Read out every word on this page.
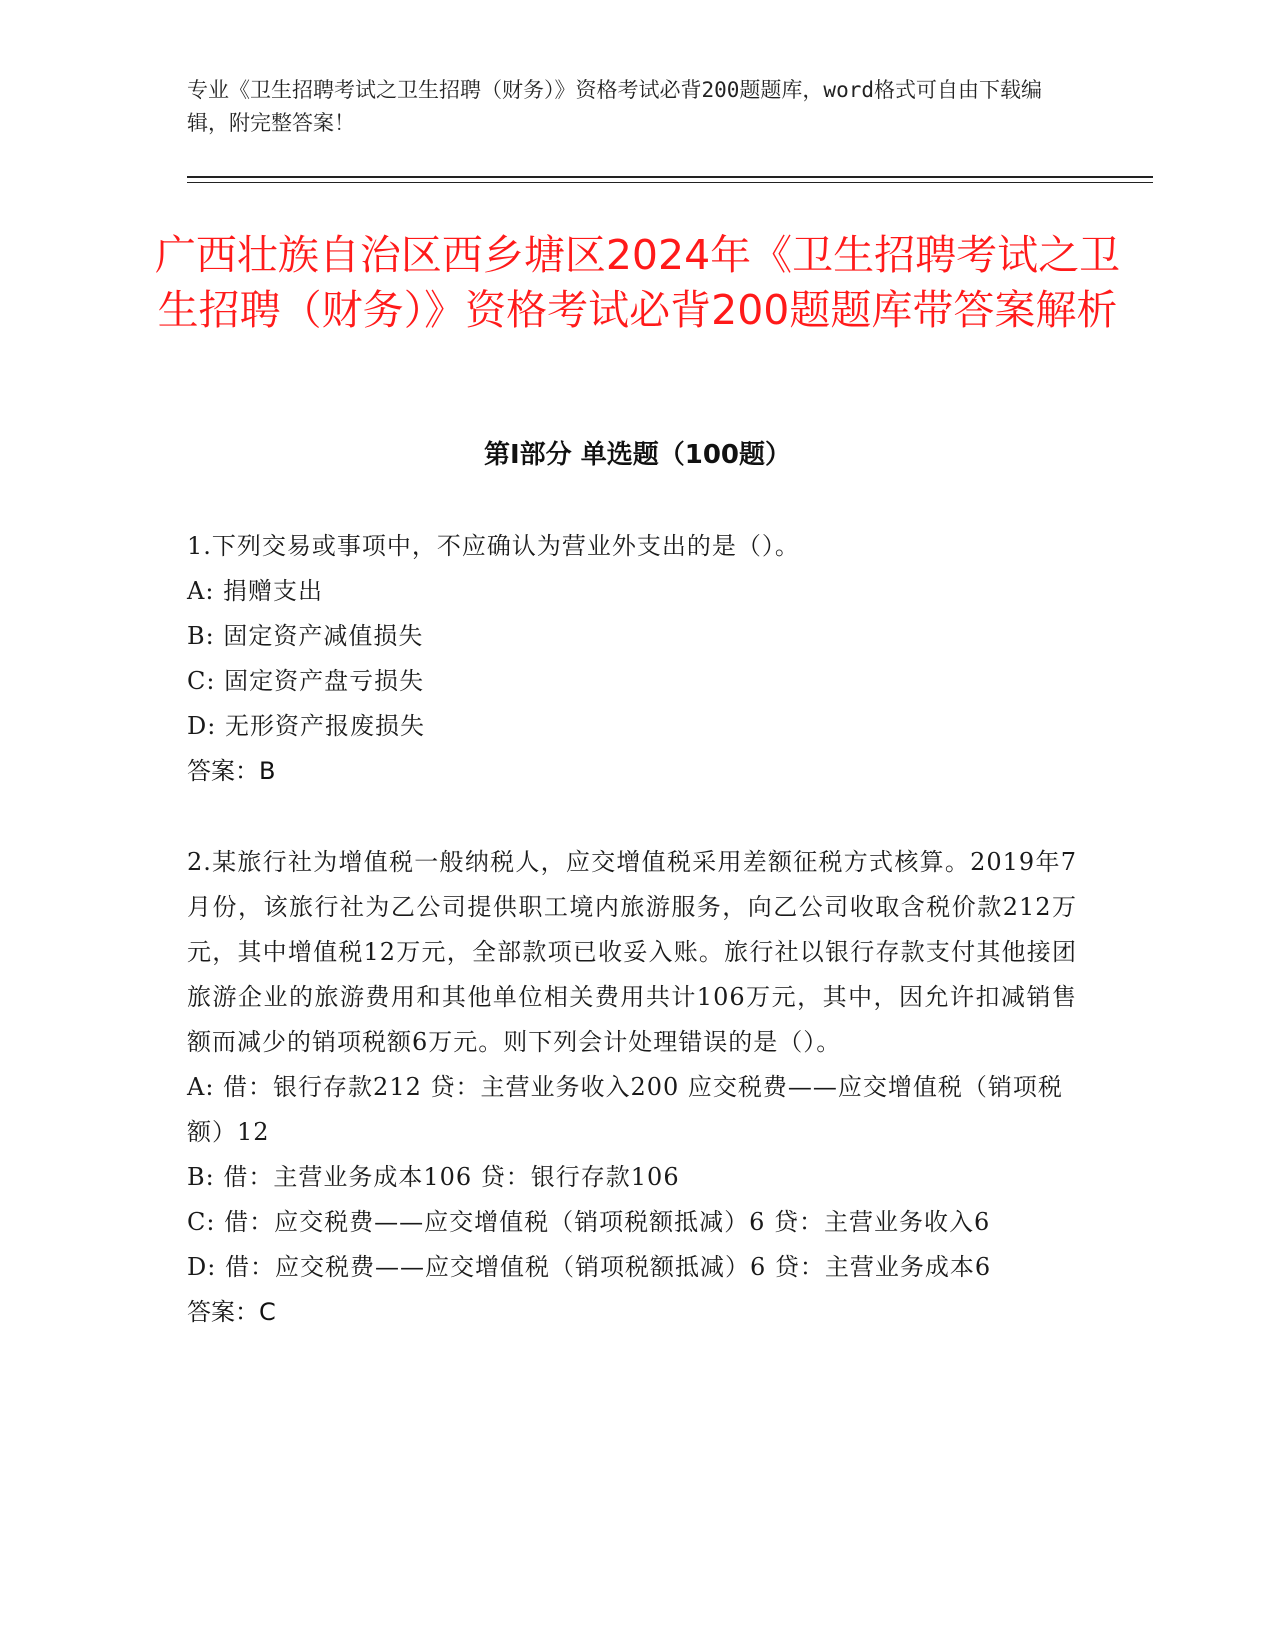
专业《卫生招聘考试之卫生招聘（财务）》资格考试必背200题题库，word格式可自由下载编辑，附完整答案！
广西壮族自治区西乡塘区2024年《卫生招聘考试之卫生招聘（财务）》资格考试必背200题题库带答案解析
第I部分 单选题（100题）
1.下列交易或事项中，不应确认为营业外支出的是（）。
A: 捐赠支出
B: 固定资产减值损失
C: 固定资产盘亏损失
D: 无形资产报废损失
答案：B
2.某旅行社为增值税一般纳税人，应交增值税采用差额征税方式核算。2019年7月份，该旅行社为乙公司提供职工境内旅游服务，向乙公司收取含税价款212万元，其中增值税12万元，全部款项已收妥入账。旅行社以银行存款支付其他接团旅游企业的旅游费用和其他单位相关费用共计106万元，其中，因允许扣减销售额而减少的销项税额6万元。则下列会计处理错误的是（）。
A: 借：银行存款212 贷：主营业务收入200 应交税费——应交增值税（销项税额）12
B: 借：主营业务成本106 贷：银行存款106
C: 借：应交税费——应交增值税（销项税额抵减）6 贷：主营业务收入6
D: 借：应交税费——应交增值税（销项税额抵减）6 贷：主营业务成本6
答案：C
